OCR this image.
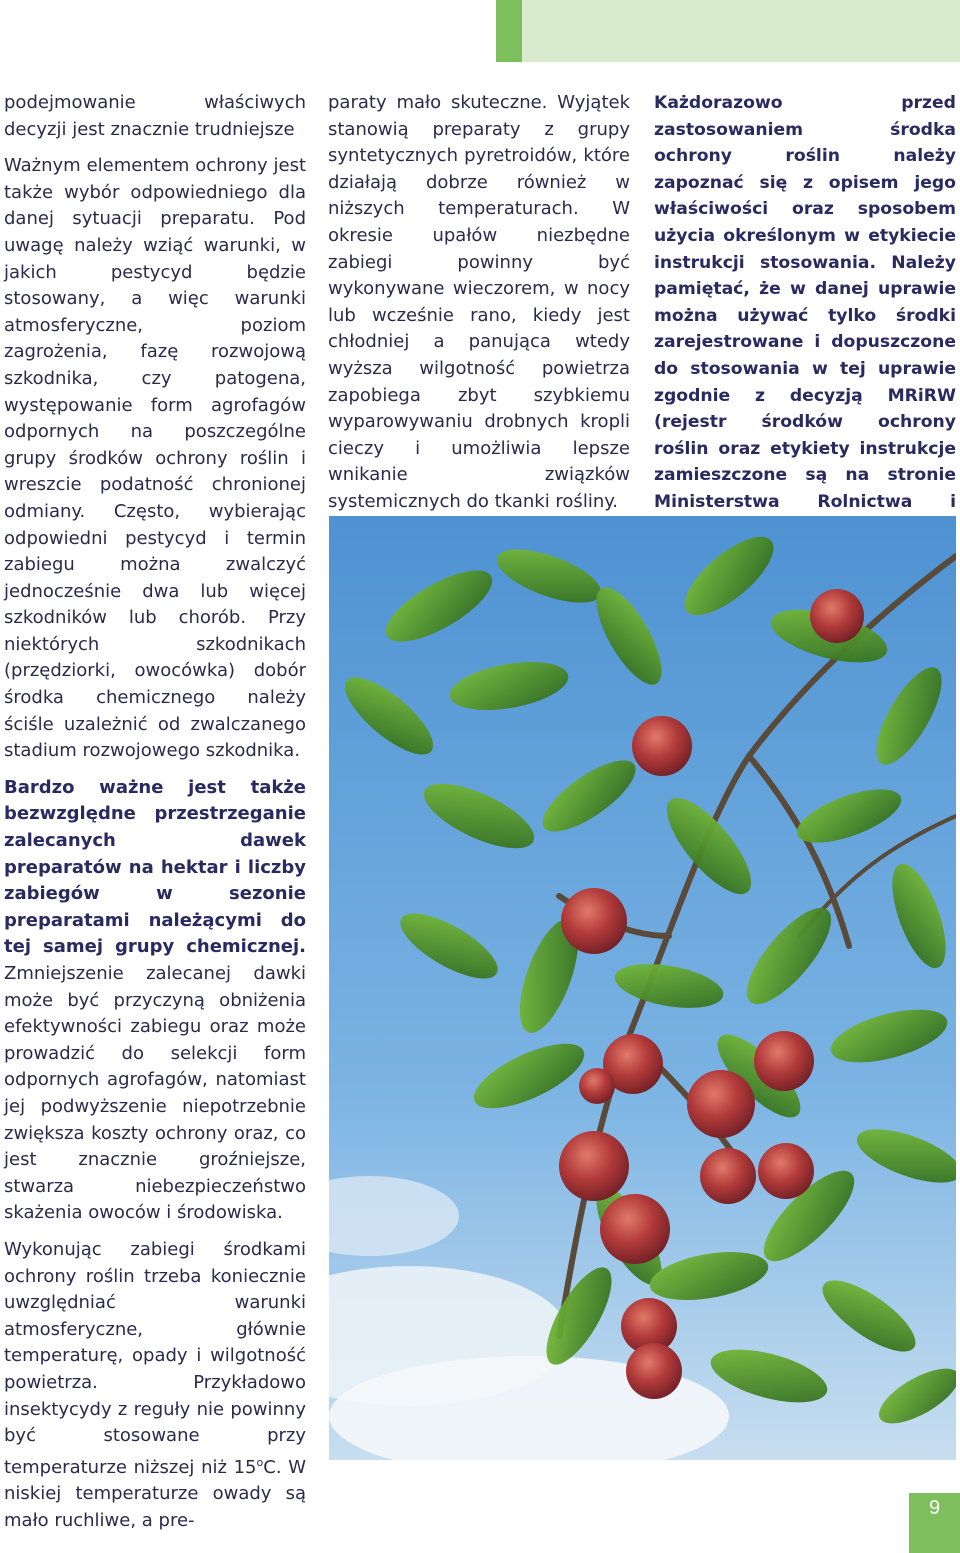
podejmowanie właściwych decyzji jest znacznie trudniejsze

Ważnym elementem ochrony jest także wybór odpowiedniego dla danej sytuacji preparatu. Pod uwagę należy wziąć warunki, w jakich pestycyd będzie stosowany, a więc warunki atmosferyczne, poziom zagrożenia, fazę rozwojową szkodnika, czy patogena, występowanie form agrofagów odpornych na poszczególne grupy środków ochrony roślin i wreszcie podatność chronionej odmiany. Często, wybierając odpowiedni pestycyd i termin zabiegu można zwalczyć jednocześnie dwa lub więcej szkodników lub chorób. Przy niektórych szkodnikach (przędziorki, owocówka) dobór środka chemicznego należy ściśle uzależnić od zwalczanego stadium rozwojowego szkodnika.

Bardzo ważne jest także bezwzględne przestrzeganie zalecanych dawek preparatów na hektar i liczby zabiegów w sezonie preparatami należącymi do tej samej grupy chemicznej. Zmniejszenie zalecanej dawki może być przyczyną obniżenia efektywności zabiegu oraz może prowadzić do selekcji form odpornych agrofagów, natomiast jej podwyższenie niepotrzebnie zwiększa koszty ochrony oraz, co jest znacznie groźniejsze, stwarza niebezpieczeństwo skażenia owoców i środowiska.

Wykonując zabiegi środkami ochrony roślin trzeba koniecznie uwzględniać warunki atmosferyczne, głównie temperaturę, opady i wilgotność powietrza. Przykładowo insektycydy z reguły nie powinny być stosowane przy temperaturze niższej niż 15$^o$C. W niskiej temperaturze owady są mało ruchliwe, a pre-

paraty mało skuteczne. Wyjątek stanowią preparaty z grupy syntetycznych pyretroidów, które działają dobrze również w niższych temperaturach. W okresie upałów niezbędne zabiegi powinny być wykonywane wieczorem, w nocy lub wcześnie rano, kiedy jest chłodniej a panująca wtedy wyższa wilgotność powietrza zapobiega zbyt szybkiemu wyparowywaniu drobnych kropli cieczy i umożliwia lepsze wnikanie związków systemicznych do tkanki rośliny.

Każdorazowo przed zastosowaniem środka ochrony roślin należy zapoznać się z opisem jego właściwości oraz sposobem użycia określonym w etykiecie instrukcji stosowania. Należy pamiętać, że w danej uprawie można używać tylko środki zarejestrowane i dopuszczone do stosowania w tej uprawie zgodnie z decyzją MRiRW (rejestr środków ochrony roślin oraz etykiety instrukcje zamieszczone są na stronie Ministerstwa Rolnictwa i

9
